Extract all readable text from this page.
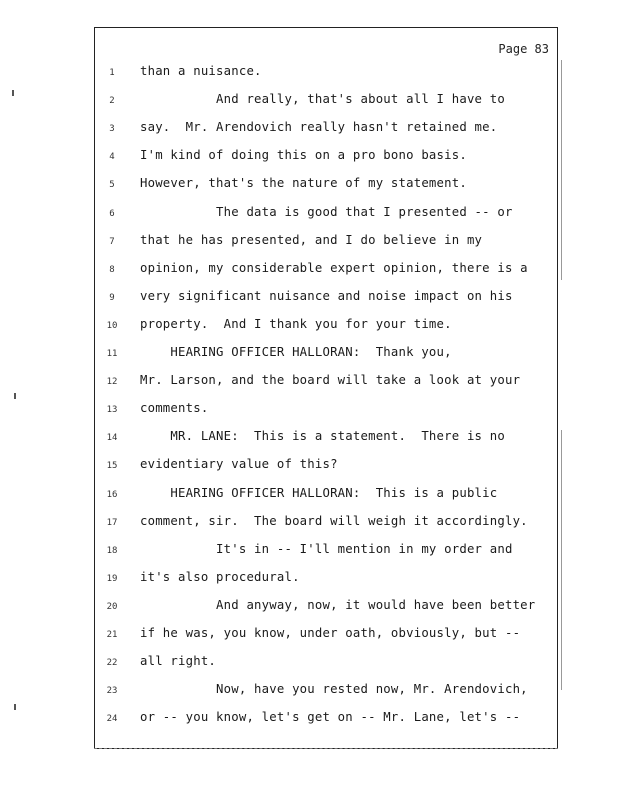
Page 83
1	than a nuisance.
2	And really, that's about all I have to
3	say.  Mr. Arendovich really hasn't retained me.
4	I'm kind of doing this on a pro bono basis.
5	However, that's the nature of my statement.
6	The data is good that I presented -- or
7	that he has presented, and I do believe in my
8	opinion, my considerable expert opinion, there is a
9	very significant nuisance and noise impact on his
10 property.  And I thank you for your time.
11 HEARING OFFICER HALLORAN:  Thank you,
12 Mr. Larson, and the board will take a look at your
13 comments.
14 MR. LANE:  This is a statement.  There is no
15 evidentiary value of this?
16 HEARING OFFICER HALLORAN:  This is a public
17 comment, sir.  The board will weigh it accordingly.
18 It's in -- I'll mention in my order and
19 it's also procedural.
20 And anyway, now, it would have been better
21 if he was, you know, under oath, obviously, but --
22 all right.
23 Now, have you rested now, Mr. Arendovich,
24 or -- you know, let's get on -- Mr. Lane, let's --
